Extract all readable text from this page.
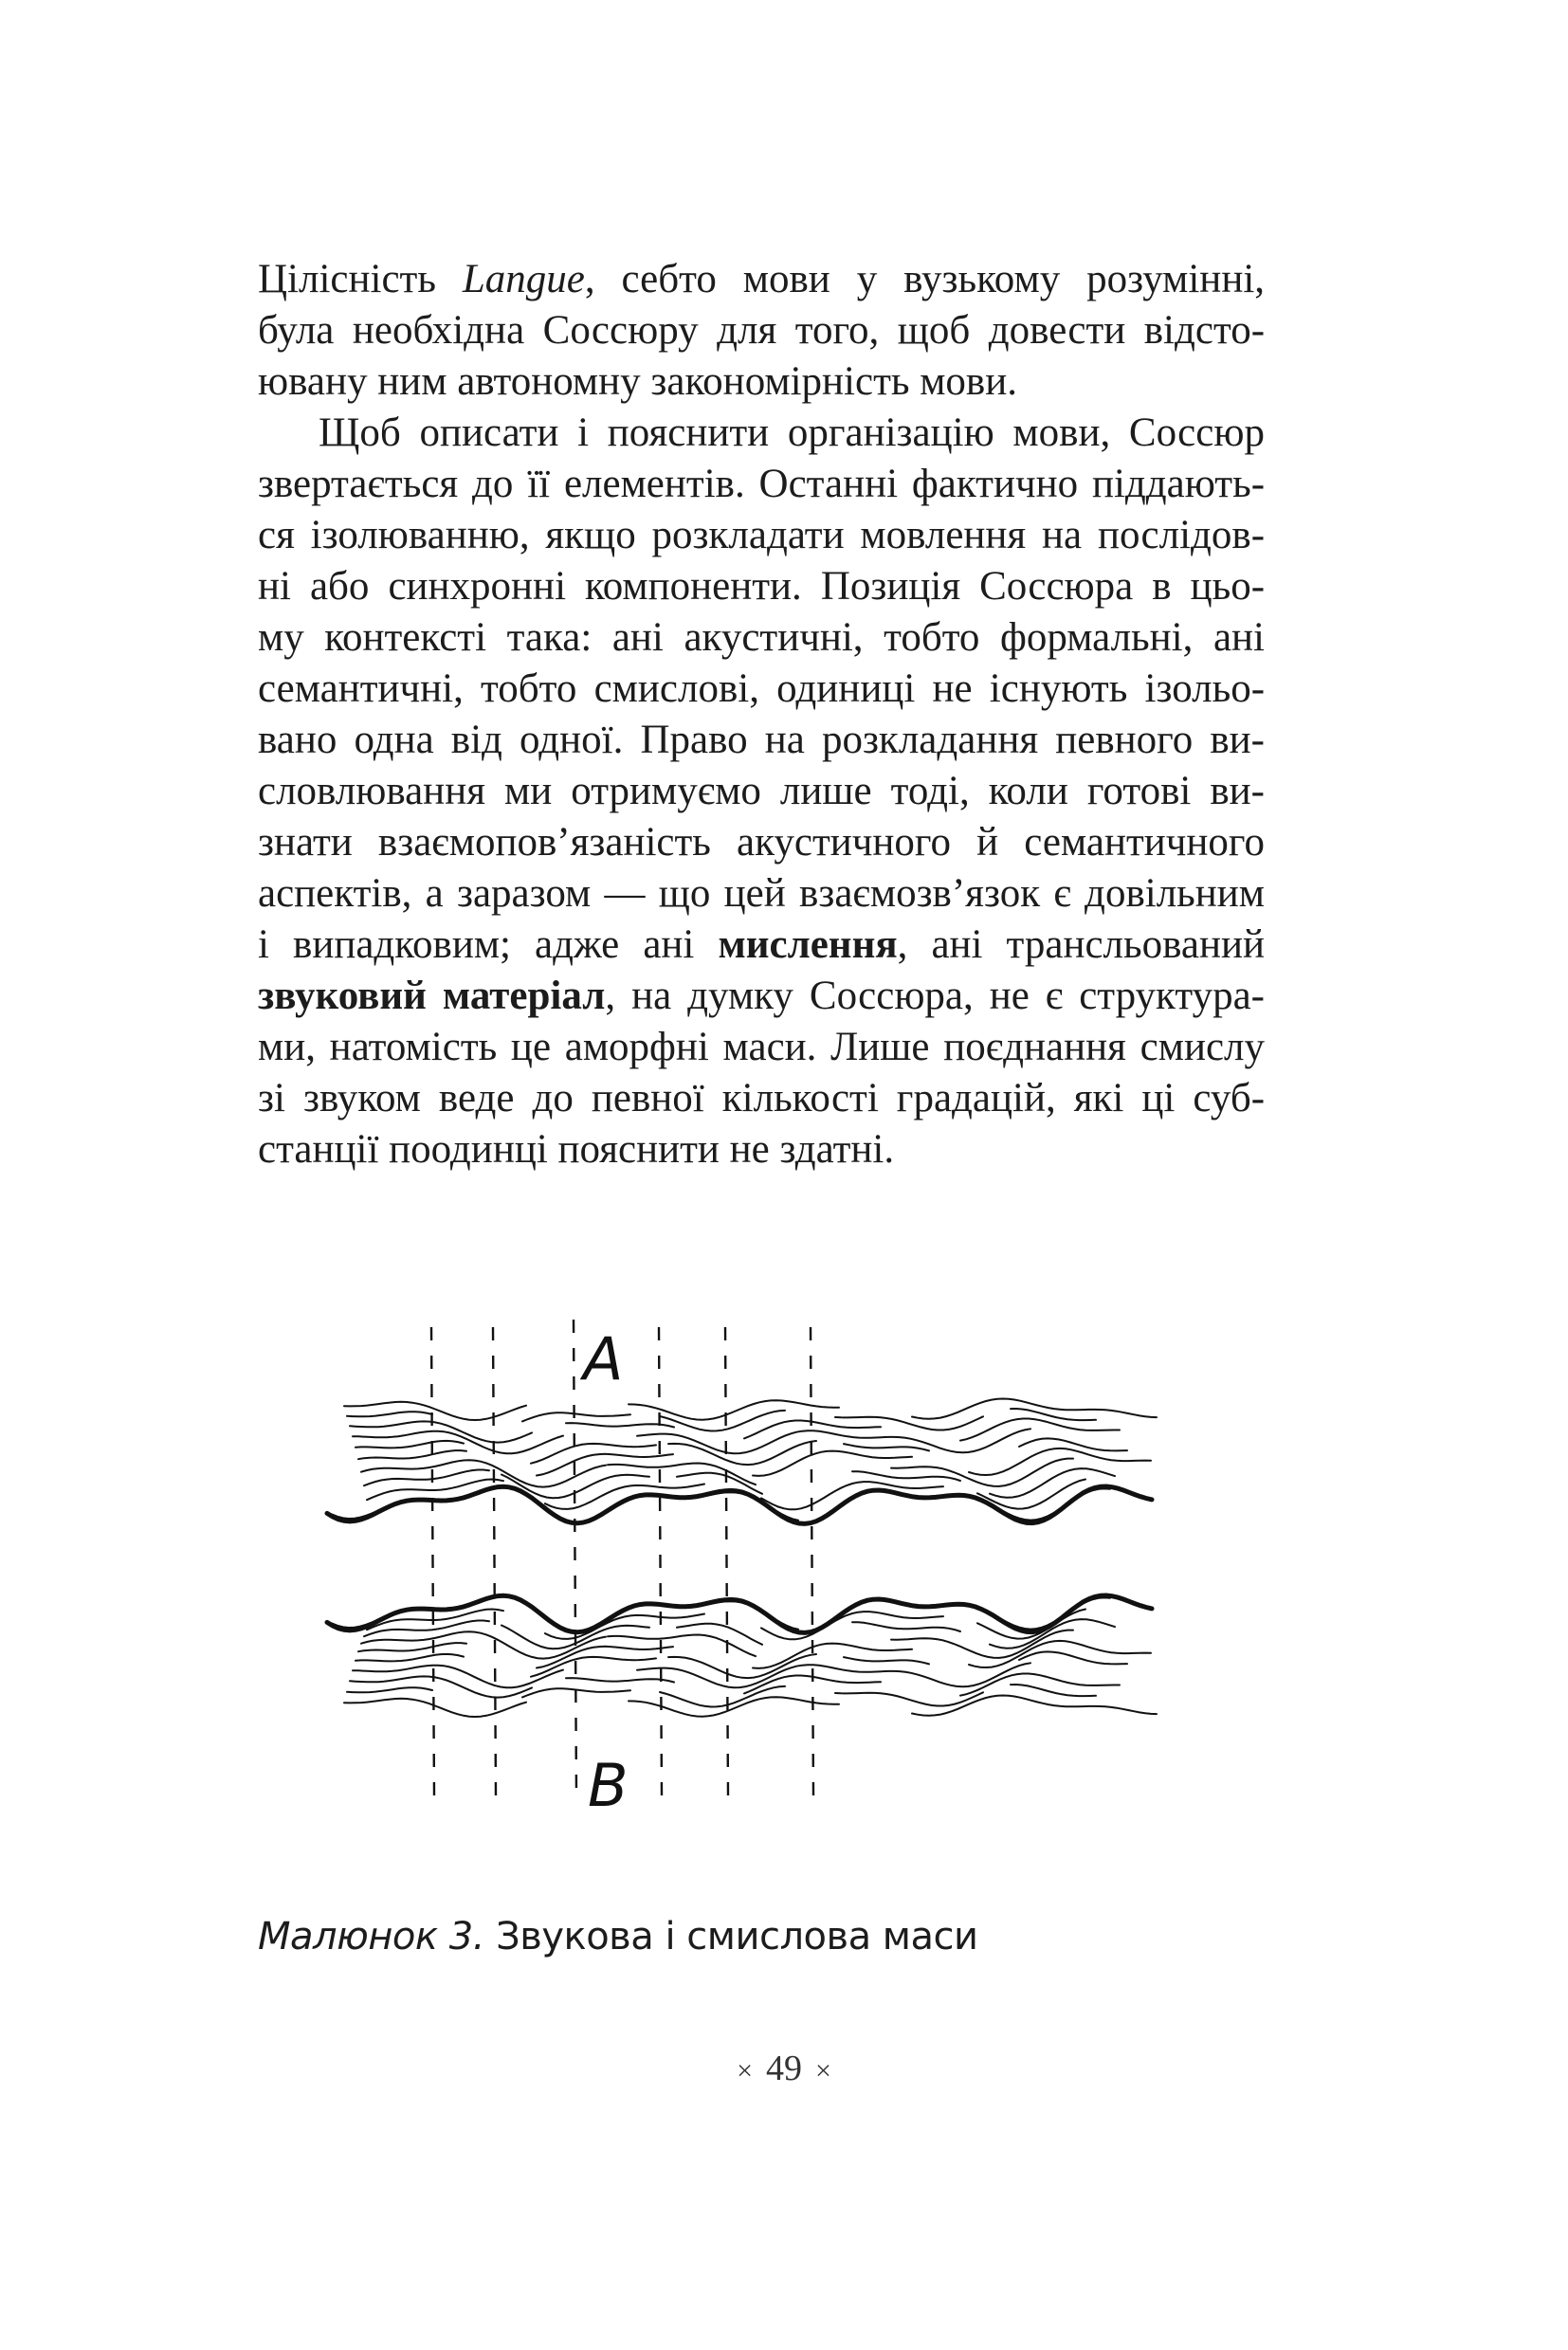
Цілісність Langue, себто мови у вузькому розумінні,
була необхідна Соссюру для того, щоб довести відсто-
ювану ним автономну закономірність мови.
Щоб описати і пояснити організацію мови, Соссюр
звертається до її елементів. Останні фактично піддають-
ся ізолюванню, якщо розкладати мовлення на послідов-
ні або синхронні компоненти. Позиція Соссюра в цьо-
му контексті така: ані акустичні, тобто формальні, ані
семантичні, тобто смислові, одиниці не існують ізольо-
вано одна від одної. Право на розкладання певного ви-
словлювання ми отримуємо лише тоді, коли готові ви-
знати взаємопов’язаність акустичного й семантичного
аспектів, а заразом — що цей взаємозв’язок є довільним
і випадковим; адже ані мислення, ані трансльований
звуковий матеріал, на думку Соссюра, не є структура-
ми, натомість це аморфні маси. Лише поєднання смислу
зі звуком веде до певної кількості градацій, які ці суб-
станції поодинці пояснити не здатні.
A
B
Малюнок 3. Звукова і смислова маси
× 49 ×
